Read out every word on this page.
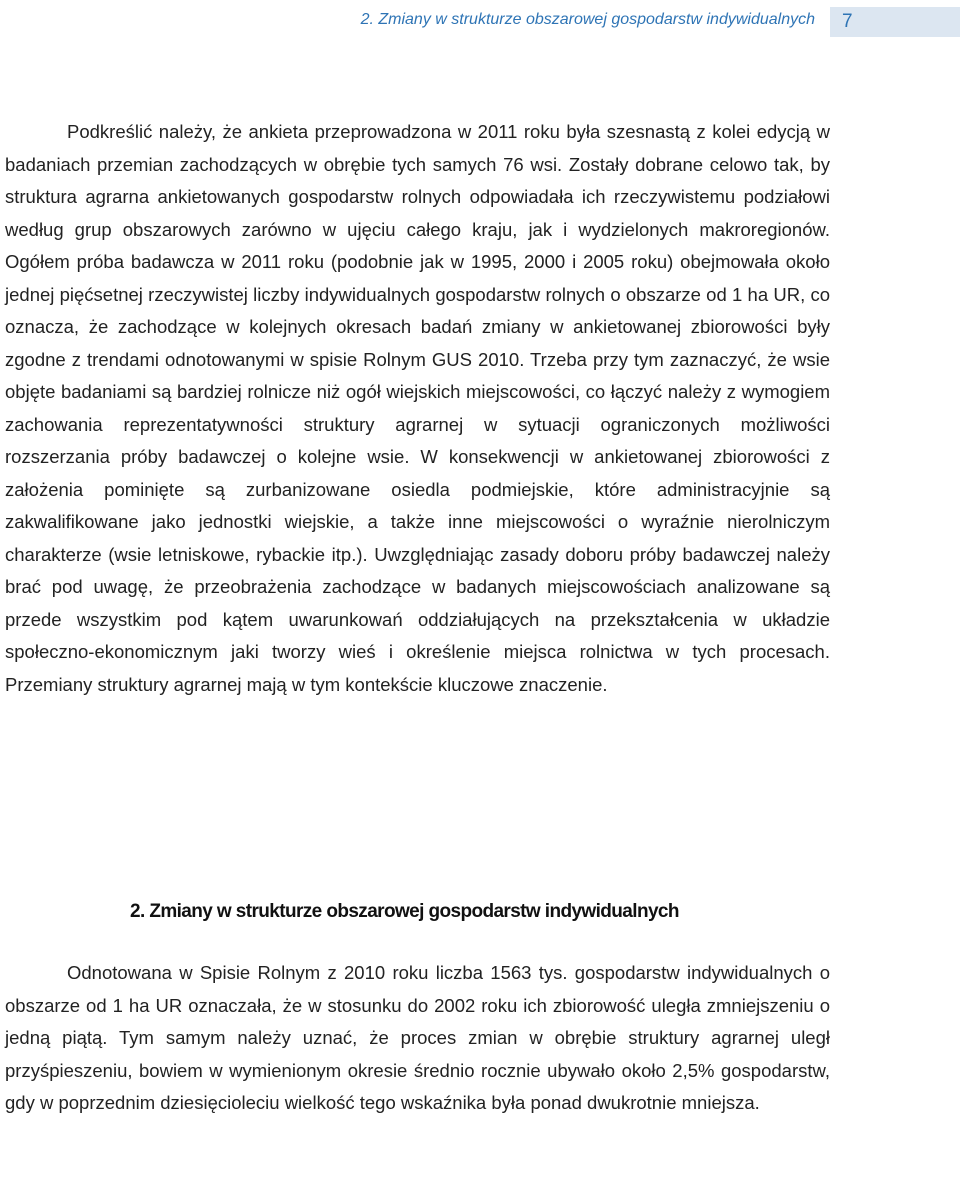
2. Zmiany w strukturze obszarowej gospodarstw indywidualnych	7

Podkreślić należy, że ankieta przeprowadzona w 2011 roku była szesnastą z kolei edycją w badaniach przemian zachodzących w obrębie tych samych 76 wsi. Zostały dobrane celowo tak, by struktura agrarna ankietowanych gospodarstw rolnych odpowiadała ich rzeczywistemu podziałowi według grup obszarowych zarówno w ujęciu całego kraju, jak i wydzielonych makroregionów. Ogółem próba badawcza w 2011 roku (podobnie jak w 1995, 2000 i 2005 roku) obejmowała około jednej pięćsetnej rzeczywistej liczby indywidualnych gospodarstw rolnych o obszarze od 1 ha UR, co oznacza, że zachodzące w kolejnych okresach badań zmiany w ankietowanej zbiorowości były zgodne z trendami odnotowanymi w spisie Rolnym GUS 2010. Trzeba przy tym zaznaczyć, że wsie objęte badaniami są bardziej rolnicze niż ogół wiejskich miejscowości, co łączyć należy z wymogiem zachowania reprezentatywności struktury agrarnej w sytuacji ograniczonych możliwości rozszerzania próby badawczej o kolejne wsie. W konsekwencji w ankietowanej zbiorowości z założenia pominięte są zurbanizowane osiedla podmiejskie, które administracyjnie są zakwalifikowane jako jednostki wiejskie, a także inne miejscowości o wyraźnie nierolniczym charakterze (wsie letniskowe, rybackie itp.). Uwzględniając zasady doboru próby badawczej należy brać pod uwagę, że przeobrażenia zachodzące w badanych miejscowościach analizowane są przede wszystkim pod kątem uwarunkowań oddziałujących na przekształcenia w układzie społeczno-ekonomicznym jaki tworzy wieś i określenie miejsca rolnictwa w tych procesach. Przemiany struktury agrarnej mają w tym kontekście kluczowe znaczenie.

2. Zmiany w strukturze obszarowej gospodarstw indywidualnych

Odnotowana w Spisie Rolnym z 2010 roku liczba 1563 tys. gospodarstw indywidualnych o obszarze od 1 ha UR oznaczała, że w stosunku do 2002 roku ich zbiorowość uległa zmniejszeniu o jedną piątą. Tym samym należy uznać, że proces zmian w obrębie struktury agrarnej uległ przyśpieszeniu, bowiem w wymienionym okresie średnio rocznie ubywało około 2,5% gospodarstw, gdy w poprzednim dziesięcioleciu wielkość tego wskaźnika była ponad dwukrotnie mniejsza.
